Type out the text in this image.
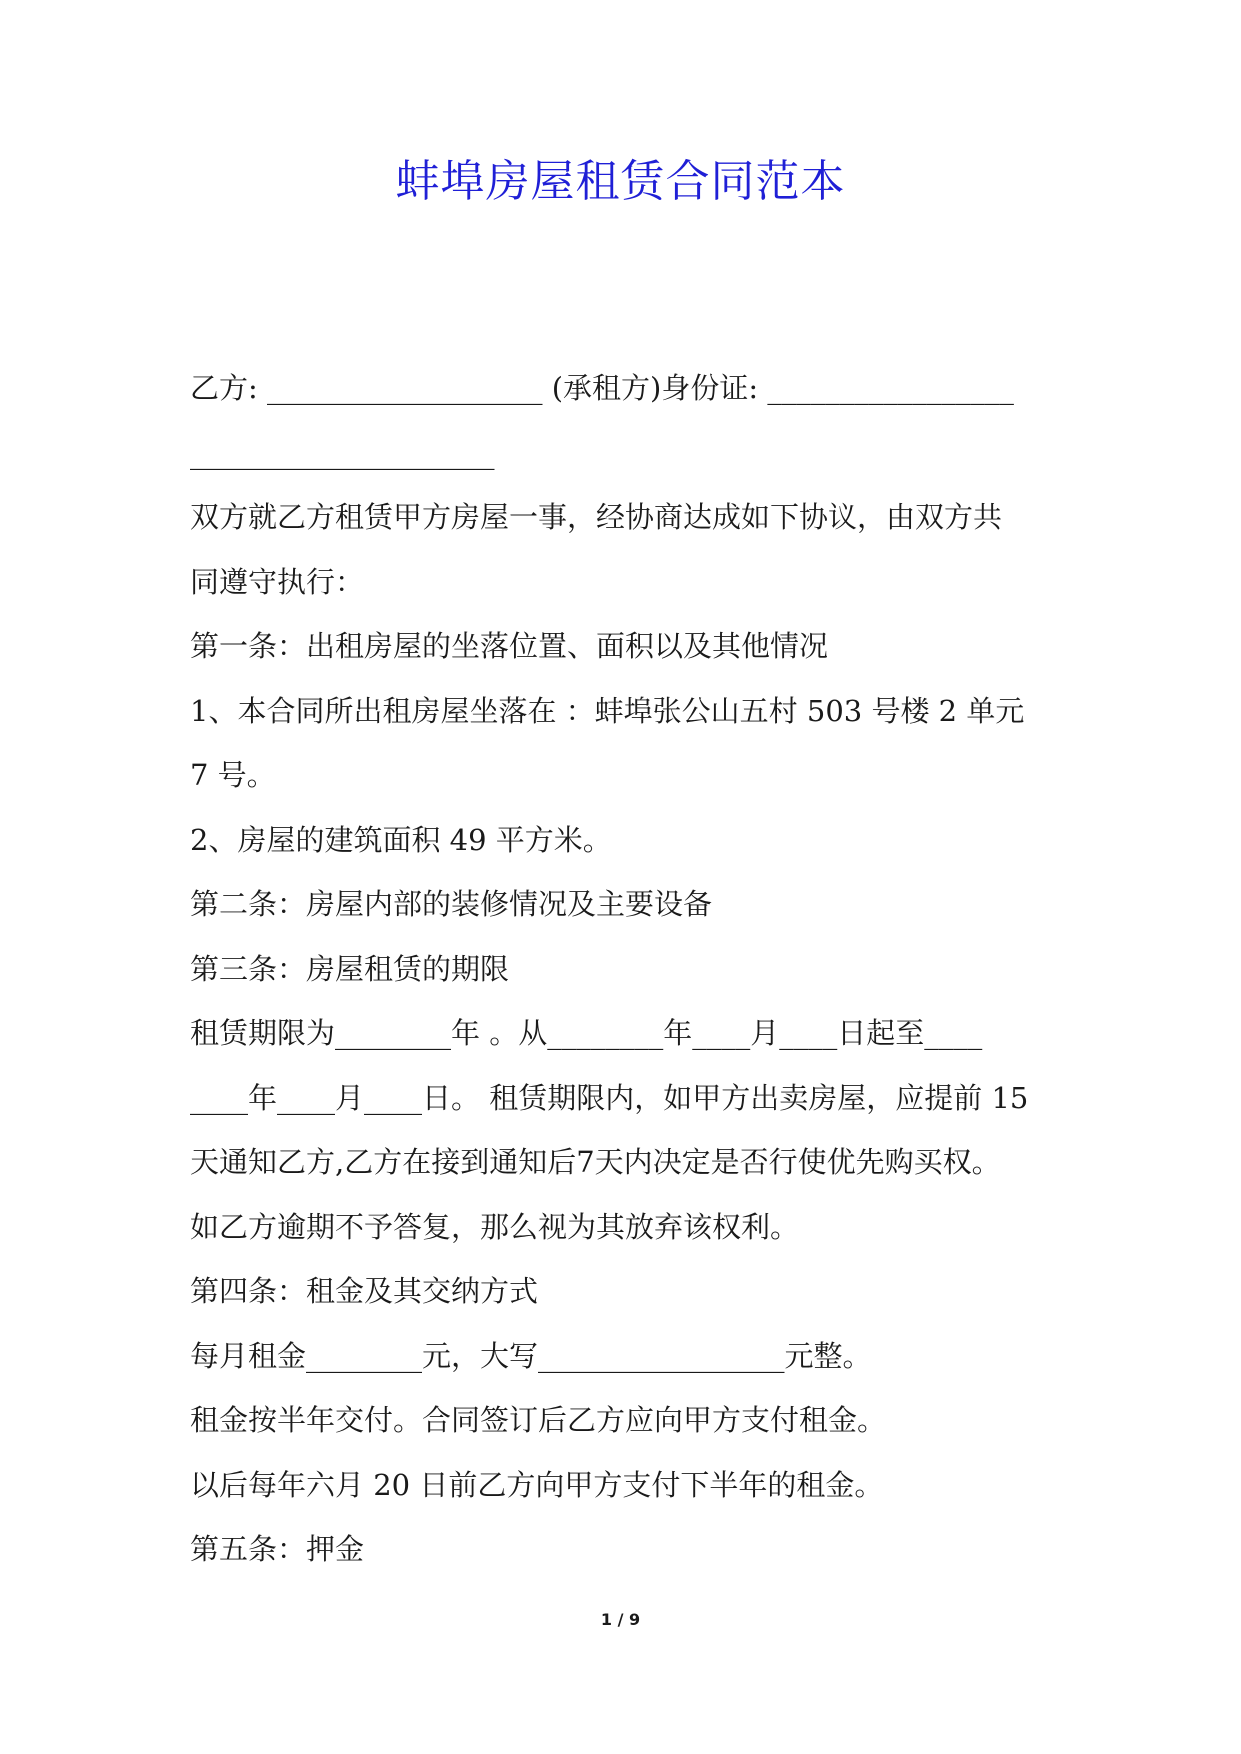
蚌埠房屋租赁合同范本
乙方: ___________________ (承租方)身份证: _________________
_____________________
双方就乙方租赁甲方房屋一事，经协商达成如下协议，由双方共
同遵守执行：
第一条：出租房屋的坐落位置、面积以及其他情况
1、本合同所出租房屋坐落在 ：蚌埠张公山五村 503 号楼 2 单元
7 号。
2、房屋的建筑面积 49 平方米。
第二条：房屋内部的装修情况及主要设备
第三条：房屋租赁的期限
租赁期限为________年 。从________年____月____日起至____
____年____月____日。 租赁期限内，如甲方出卖房屋，应提前 15
天通知乙方,乙方在接到通知后7天内决定是否行使优先购买权。
如乙方逾期不予答复，那么视为其放弃该权利。
第四条：租金及其交纳方式
每月租金________元，大写_________________元整。
租金按半年交付。合同签订后乙方应向甲方支付租金。
以后每年六月 20 日前乙方向甲方支付下半年的租金。
第五条：押金
1 / 9
